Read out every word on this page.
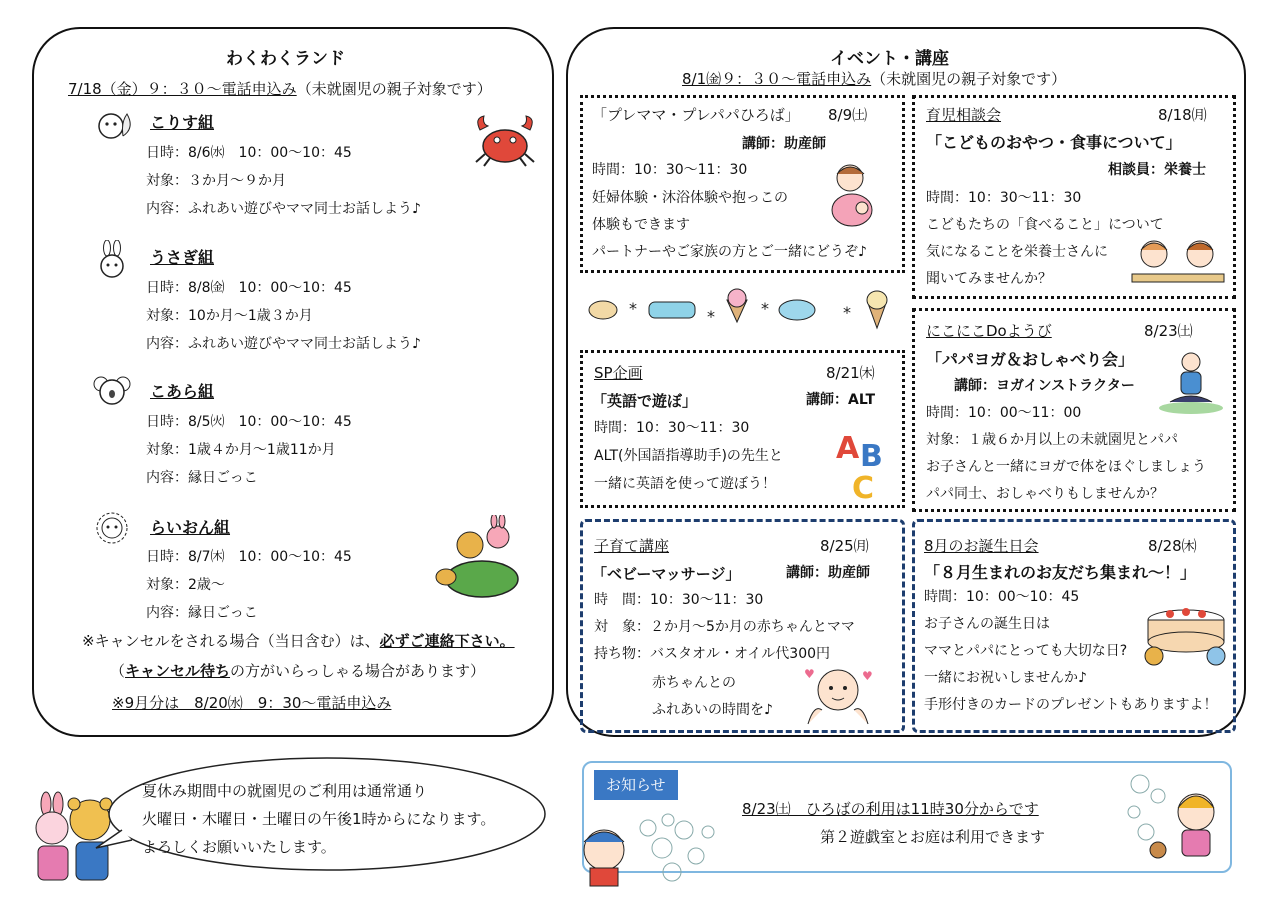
わくわくランド
7/18（金）９：３０～電話申込み（未就園児の親子対象です）
こりす組
日時：8/6㈬　10：00～10：45
対象：３か月～９か月
内容：ふれあい遊びやママ同士お話しよう♪
うさぎ組
日時：8/8㈮　10：00～10：45
対象：10か月～1歳３か月
内容：ふれあい遊びやママ同士お話しよう♪
こあら組
日時：8/5㈫　10：00～10：45
対象：1歳４か月～1歳11か月
内容：縁日ごっこ
らいおん組
日時：8/7㈭　10：00～10：45
対象：2歳～
内容：縁日ごっこ
※キャンセルをされる場合（当日含む）は、必ずご連絡下さい。
（キャンセル待ちの方がいらっしゃる場合があります）
※9月分は　8/20㈬　9：30～電話申込み
イベント・講座
8/1㈮９：３０～電話申込み（未就園児の親子対象です）
「プレママ・プレパパひろば」 8/9㈯
講師：助産師
時間：10：30～11：30
妊婦体験・沐浴体験や抱っこの
体験もできます
パートナーやご家族の方とご一緒にどうぞ♪
育児相談会	8/18㈪
「こどものおやつ・食事について」
相談員：栄養士
時間：10：30～11：30
こどもたちの「食べること」について
気になることを栄養士さんに
聞いてみませんか？
*	*	*	*
SP企画	8/21㈭
「英語で遊ぼ」	講師：ALT
時間：10：30～11：30
ALT(外国語指導助手)の先生と
一緒に英語を使って遊ぼう！
A B
C
にこにこDoようび	8/23㈯
「パパヨガ＆おしゃべり会」
講師：ヨガインストラクター
時間：10：00～11：00
対象：１歳６か月以上の未就園児とパパ
お子さんと一緒にヨガで体をほぐしましょう
パパ同士、おしゃべりもしませんか？
子育て講座	8/25㈪
「ベビーマッサージ」	講師：助産師
時　間：10：30～11：30
対　象：２か月～5か月の赤ちゃんとママ
持ち物：バスタオル・オイル代300円
赤ちゃんとの
ふれあいの時間を♪
♥	♥
8月のお誕生日会	8/28㈭
「８月生まれのお友だち集まれ～！」
時間：10：00～10：45
お子さんの誕生日は
ママとパパにとっても大切な日?
一緒にお祝いしませんか♪
手形付きのカードのプレゼントもありますよ！
夏休み期間中の就園児のご利用は通常通り
火曜日・木曜日・土曜日の午後1時からになります。
よろしくお願いいたします。
お知らせ
8/23㈯　ひろばの利用は11時30分からです
第２遊戯室とお庭は利用できます
